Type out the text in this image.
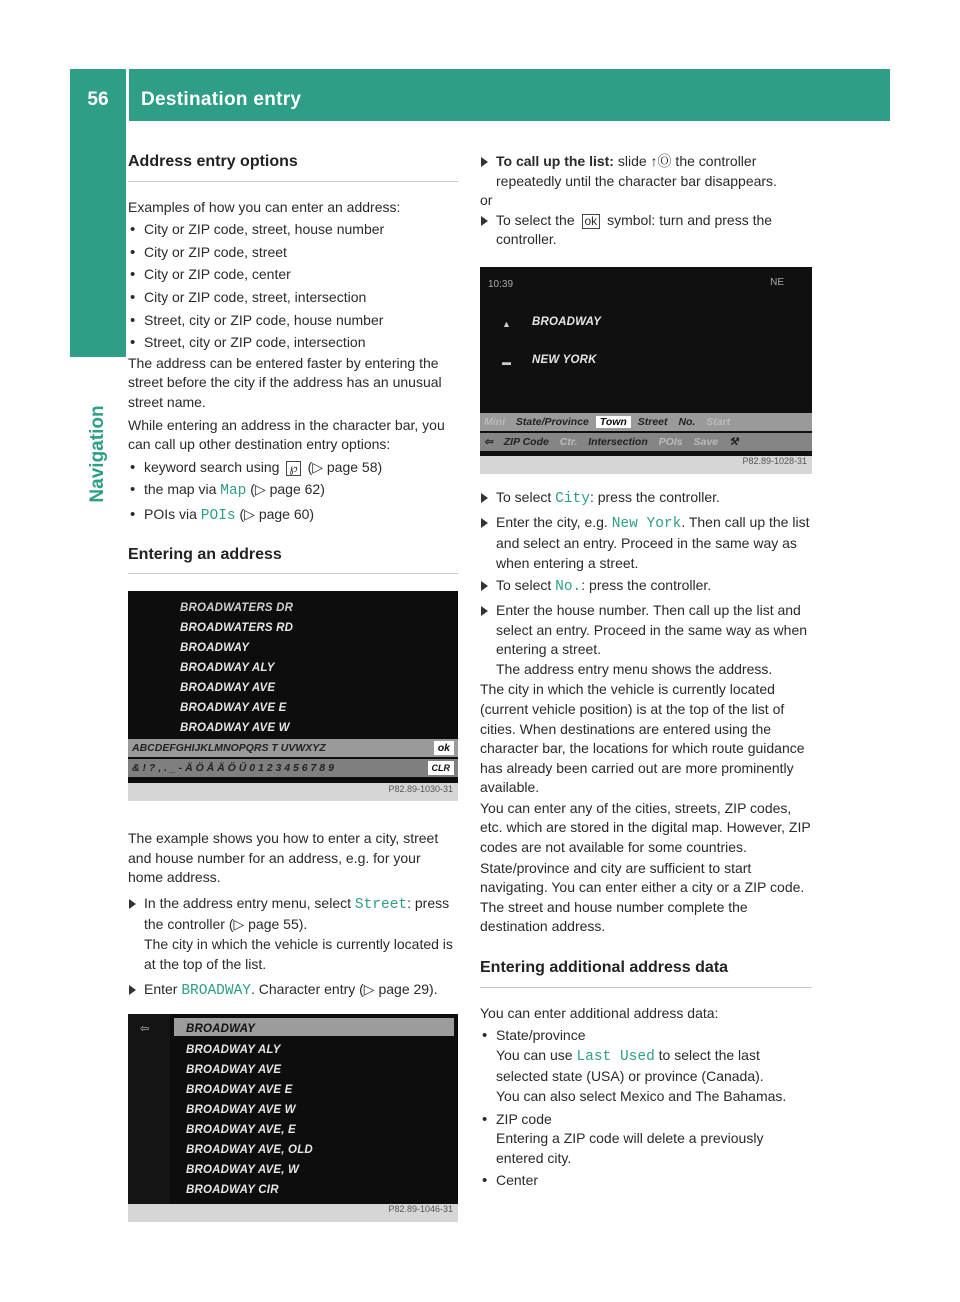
56	Destination entry
Navigation
Address entry options

Examples of how you can enter an address:

• City or ZIP code, street, house number

• City or ZIP code, street

• City or ZIP code, center

• City or ZIP code, street, intersection

• Street, city or ZIP code, house number

• Street, city or ZIP code, intersection

The address can be entered faster by entering the street before the city if the address has an unusual street name.

While entering an address in the character bar, you can call up other destination entry options:

• keyword search using ℘ (▷ page 58)

• the map via Map (▷ page 62)

• POIs via POIs (▷ page 60)

Entering an address
BROADWATERS DR
BROADWATERS RD
BROADWAY
BROADWAY ALY
BROADWAY AVE
BROADWAY AVE E
BROADWAY AVE W
ABCDEFGHIJKLMNOPQRS T UVWXYZ	ok
& ! ? , . _ - Ä Ö Å Ä Ö Ü 0 1 2 3 4 5 6 7 8 9	CLR
P82.89-1030-31

The example shows you how to enter a city, street and house number for an address, e.g. for your home address.

In the address entry menu, select Street: press the controller (▷ page 55).
The city in which the vehicle is currently located is at the top of the list.

Enter BROADWAY. Character entry (▷ page 29).

⇦	BROADWAY
BROADWAY ALY
BROADWAY AVE
BROADWAY AVE E
BROADWAY AVE W
BROADWAY AVE, E
BROADWAY AVE, OLD
BROADWAY AVE, W
BROADWAY CIR
P82.89-1046-31

To call up the list: slide ↑Ⓞ the controller repeatedly until the character bar disappears.

or

To select the ok symbol: turn and press the controller.

10:39	NE
▲ BROADWAY
▬ NEW YORK
Mini State/Province Town Street No. Start
⇦ ZIP Code Ctr. Intersection POIs Save ⚒
P82.89-1028-31

To select City: press the controller.

Enter the city, e.g. New York. Then call up the list and select an entry. Proceed in the same way as when entering a street.

To select No.: press the controller.

Enter the house number. Then call up the list and select an entry. Proceed in the same way as when entering a street.
The address entry menu shows the address.

The city in which the vehicle is currently located (current vehicle position) is at the top of the list of cities. When destinations are entered using the character bar, the locations for which route guidance has already been carried out are more prominently available.

You can enter any of the cities, streets, ZIP codes, etc. which are stored in the digital map. However, ZIP codes are not available for some countries.

State/province and city are sufficient to start navigating. You can enter either a city or a ZIP code. The street and house number complete the destination address.

Entering additional address data

You can enter additional address data:

• State/province
You can use Last Used to select the last selected state (USA) or province (Canada).
You can also select Mexico and The Bahamas.
• ZIP code
Entering a ZIP code will delete a previously entered city.
• Center
